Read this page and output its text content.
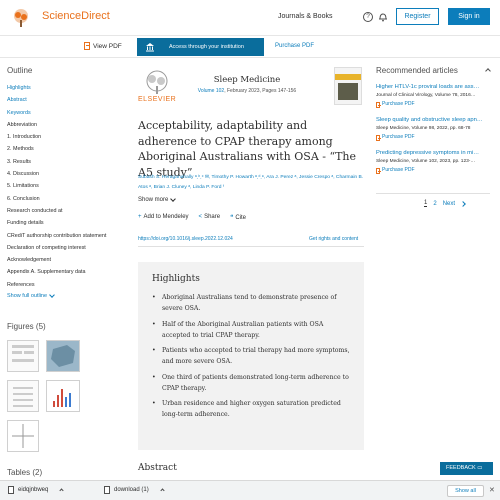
ScienceDirect	Journals & Books	?	Register	Sign in
View PDF	Access through your institution	Purchase PDF
Outline
Highlights
Abstract
Keywords
Abbreviation
1. Introduction
2. Methods
3. Results
4. Discussion
5. Limitations
6. Conclusion
Research conducted at
Funding details
CRediT authorship contribution statement
Declaration of competing interest
Acknowledgement
Appendix A. Supplementary data
References
Show full outline
Figures (5)
Tables (2)
ELSEVIER
Sleep Medicine
Volume 102, February 2023, Pages 147-156
Acceptability, adaptability and adherence to CPAP therapy among Aboriginal Australians with OSA - “The A5 study”
Subash S. Heraganahally ᵃˎᵇˎᶜ ✉, Timothy P. Howarth ᵃˎᵈˎᵉ, Ara J. Perez ᵃ, Jessie Crespo ᵃ, Charmain B. Atos ᵃ, Brian J. Cluney ᵃ, Linda P. Ford ᶠ
Show more
+ Add to Mendeley < Share ❝ Cite
https://doi.org/10.1016/j.sleep.2022.12.024	Get rights and content
Highlights
• Aboriginal Australians tend to demonstrate presence of severe OSA.
• Half of the Aboriginal Australian patients with OSA accepted to trial CPAP therapy.
• Patients who accepted to trial therapy had more symptoms, and more severe OSA.
• One third of patients demonstrated long-term adherence to CPAP therapy.
• Urban residence and higher oxygen saturation predicted long-term adherence.
Abstract
Recommended articles
Higher HTLV-1c proviral loads are ass…
Journal of Clinical Virology, Volume 78, 2016…
Purchase PDF
Sleep quality and obstructive sleep apn…
Sleep Medicine, Volume 98, 2022, pp. 68-78
Purchase PDF
Predicting depressive symptoms in mi…
Sleep Medicine, Volume 102, 2023, pp. 123-…
Purchase PDF
1 2 Next
FEEDBACK ▭
eidqjnbweq	download (1)	Show all	✕
